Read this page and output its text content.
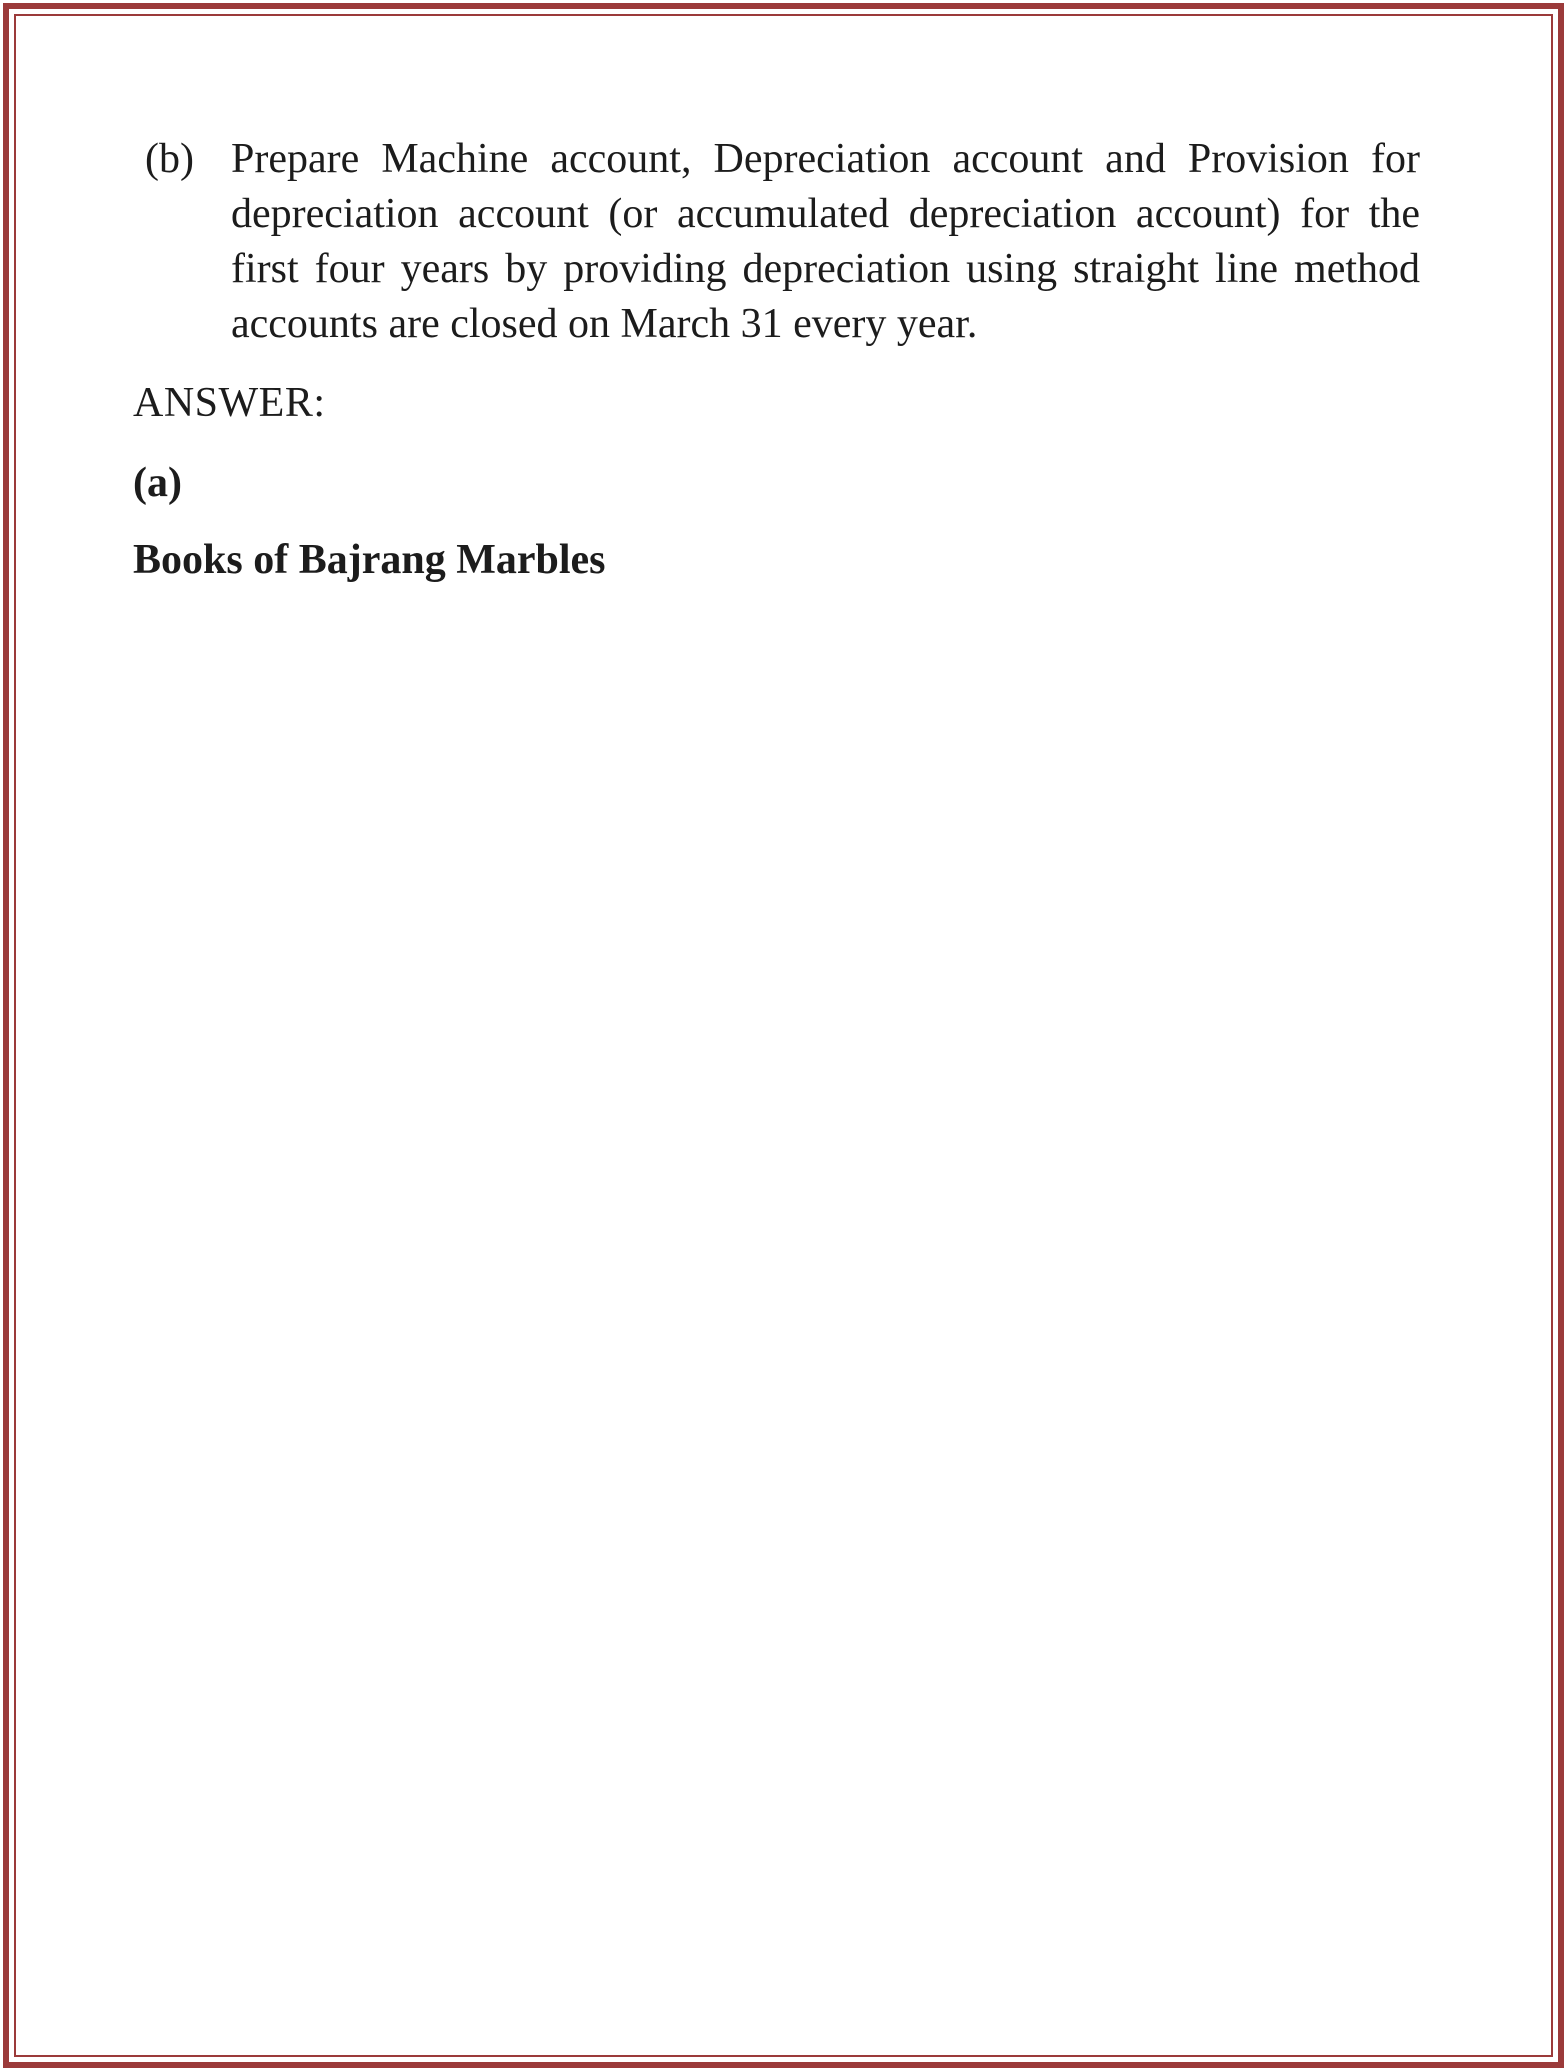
(b) Prepare Machine account, Depreciation account and Provision for depreciation account (or accumulated depreciation account) for the first four years by providing depreciation using straight line method accounts are closed on March 31 every year.
ANSWER:
(a)
Books of Bajrang Marbles
